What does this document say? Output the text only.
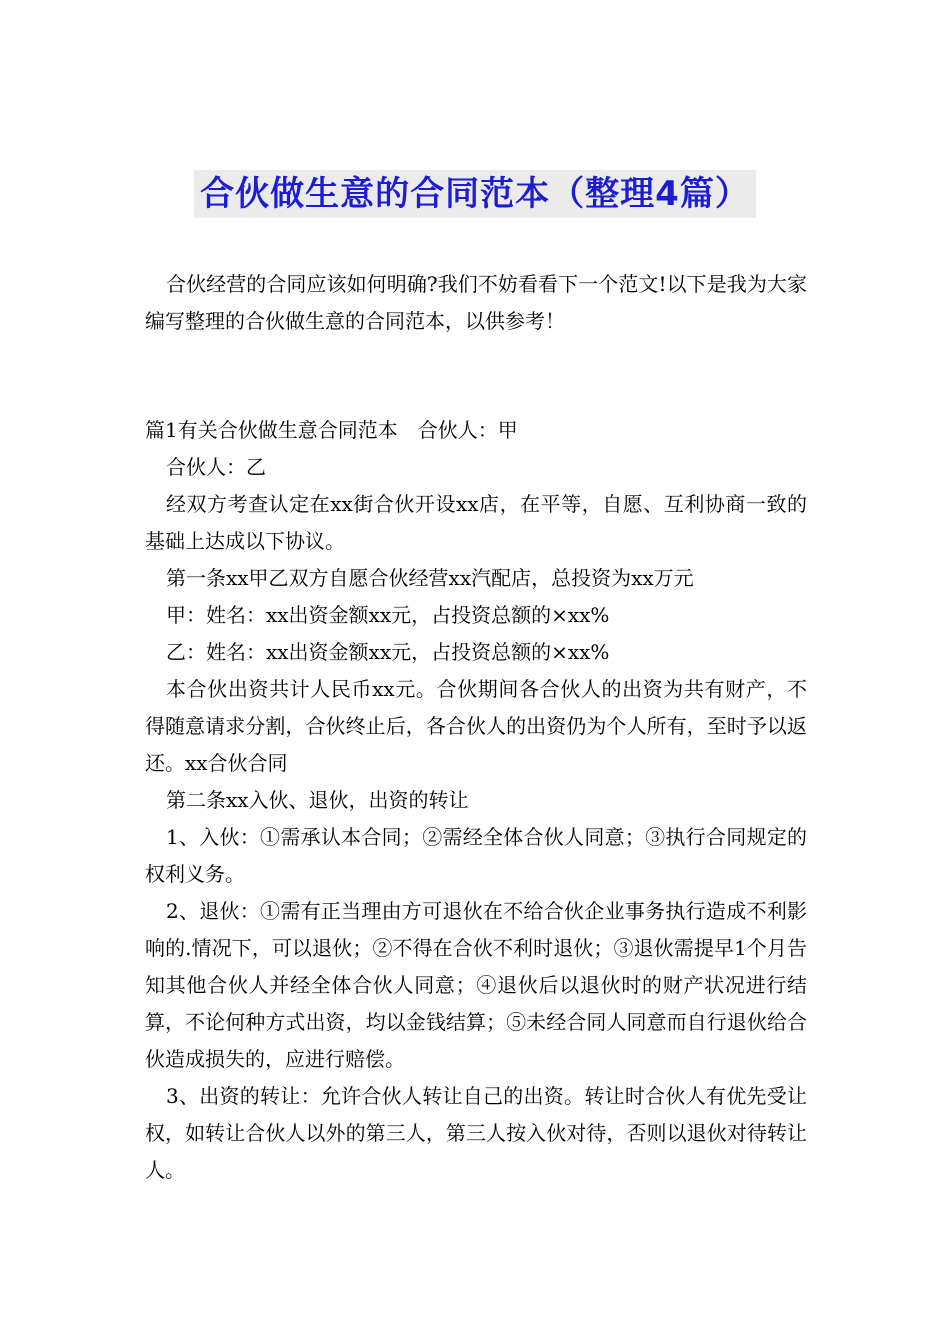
合伙做生意的合同范本（整理4篇）

合伙经营的合同应该如何明确?我们不妨看看下一个范文!以下是我为大家编写整理的合伙做生意的合同范本，以供参考！

篇1有关合伙做生意合同范本 合伙人：甲

合伙人：乙

经双方考查认定在xx街合伙开设xx店，在平等，自愿、互利协商一致的基础上达成以下协议。

第一条xx甲乙双方自愿合伙经营xx汽配店，总投资为xx万元

甲：姓名：xx出资金额xx元，占投资总额的×xx%

乙：姓名：xx出资金额xx元，占投资总额的×xx%

本合伙出资共计人民币xx元。合伙期间各合伙人的出资为共有财产，不得随意请求分割，合伙终止后，各合伙人的出资仍为个人所有，至时予以返还。xx合伙合同

第二条xx入伙、退伙，出资的转让

1、入伙：①需承认本合同；②需经全体合伙人同意；③执行合同规定的权利义务。

2、退伙：①需有正当理由方可退伙在不给合伙企业事务执行造成不利影响的.情况下，可以退伙；②不得在合伙不利时退伙；③退伙需提早1个月告知其他合伙人并经全体合伙人同意；④退伙后以退伙时的财产状况进行结算，不论何种方式出资，均以金钱结算；⑤未经合同人同意而自行退伙给合伙造成损失的，应进行赔偿。

3、出资的转让：允许合伙人转让自己的出资。转让时合伙人有优先受让权，如转让合伙人以外的第三人，第三人按入伙对待，否则以退伙对待转让人。
